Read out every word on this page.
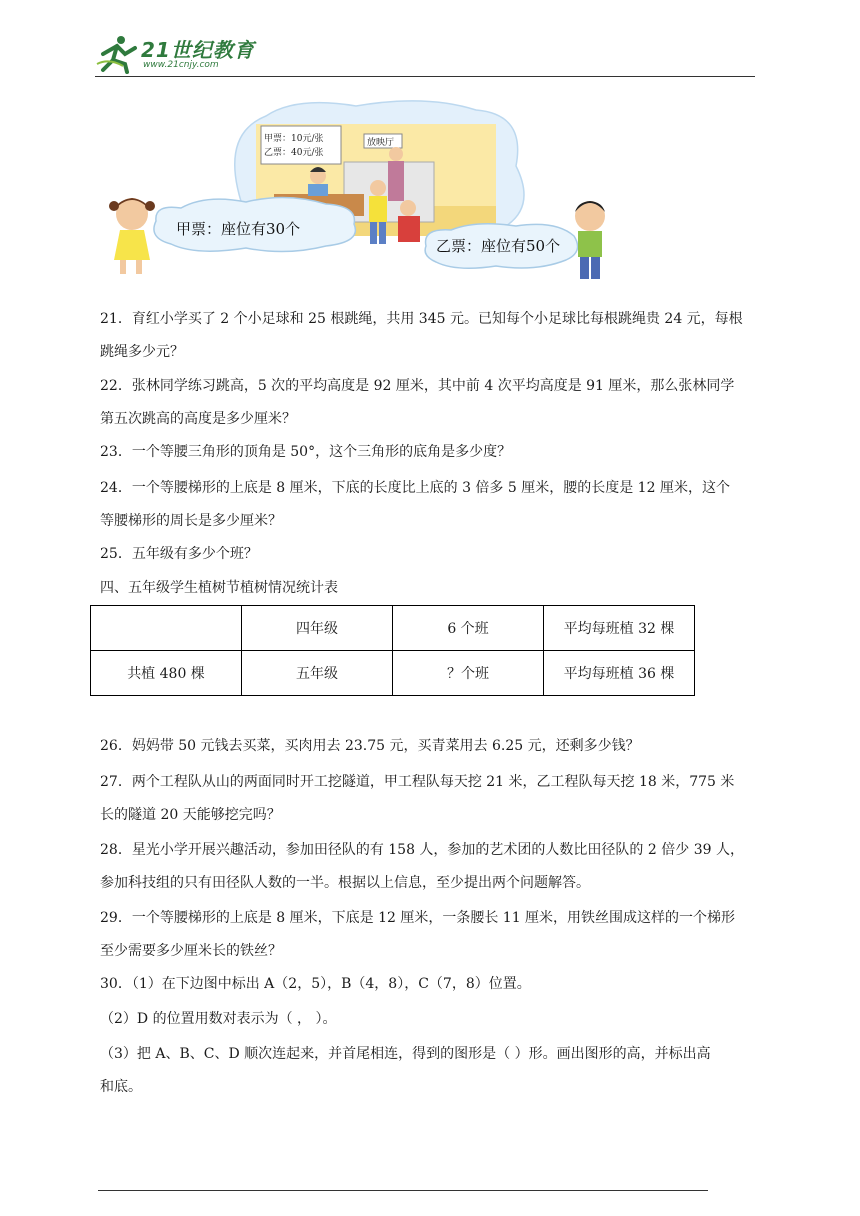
21世纪教育
www.21cnjy.com
甲票：10元/张
乙票：40元/张
放映厅
甲票：座位有30个
乙票：座位有50个
21．育红小学买了 2 个小足球和 25 根跳绳，共用 345 元。已知每个小足球比每根跳绳贵 24 元，每根
跳绳多少元？
22．张林同学练习跳高，5 次的平均高度是 92 厘米，其中前 4 次平均高度是 91 厘米，那么张林同学
第五次跳高的高度是多少厘米？
23．一个等腰三角形的顶角是 50°，这个三角形的底角是多少度？
24．一个等腰梯形的上底是 8 厘米，下底的长度比上底的 3 倍多 5 厘米，腰的长度是 12 厘米，这个
等腰梯形的周长是多少厘米？
25．五年级有多少个班？
四、五年级学生植树节植树情况统计表
	四年级	6 个班	平均每班植 32 棵
共植 480 棵	五年级	？个班	平均每班植 36 棵
26．妈妈带 50 元钱去买菜，买肉用去 23.75 元，买青菜用去 6.25 元，还剩多少钱？
27．两个工程队从山的两面同时开工挖隧道，甲工程队每天挖 21 米，乙工程队每天挖 18 米，775 米
长的隧道 20 天能够挖完吗？
28．星光小学开展兴趣活动，参加田径队的有 158 人，参加的艺术团的人数比田径队的 2 倍少 39 人，
参加科技组的只有田径队人数的一半。根据以上信息，至少提出两个问题解答。
29．一个等腰梯形的上底是 8 厘米，下底是 12 厘米，一条腰长 11 厘米，用铁丝围成这样的一个梯形
至少需要多少厘米长的铁丝？
30．（1）在下边图中标出 A（2，5），B（4，8），C（7，8）位置。
（2）D 的位置用数对表示为（ ， ）。
（3）把 A、B、C、D 顺次连起来，并首尾相连，得到的图形是（ ）形。画出图形的高，并标出高
和底。
